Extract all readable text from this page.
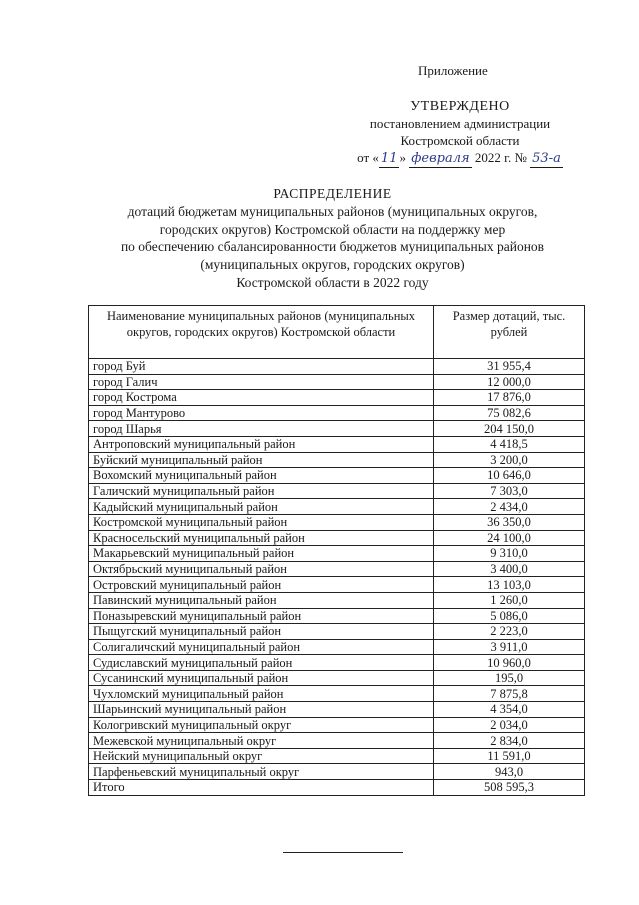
Приложение
УТВЕРЖДЕНО
постановлением администрации
Костромской области
от « 11 » февраля 2022 г. № 53-а
РАСПРЕДЕЛЕНИЕ
дотаций бюджетам муниципальных районов (муниципальных округов,
городских округов) Костромской области на поддержку мер
по обеспечению сбалансированности бюджетов муниципальных районов
(муниципальных округов, городских округов)
Костромской области в 2022 году
Наименование муниципальных районов (муниципальных округов, городских округов) Костромской области	Размер дотаций, тыс. рублей
город Буй	31 955,4
город Галич	12 000,0
город Кострома	17 876,0
город Мантурово	75 082,6
город Шарья	204 150,0
Антроповский муниципальный район	4 418,5
Буйский муниципальный район	3 200,0
Вохомский муниципальный район	10 646,0
Галичский муниципальный район	7 303,0
Кадыйский муниципальный район	2 434,0
Костромской муниципальный район	36 350,0
Красносельский муниципальный район	24 100,0
Макарьевский муниципальный район	9 310,0
Октябрьский муниципальный район	3 400,0
Островский муниципальный район	13 103,0
Павинский муниципальный район	1 260,0
Поназыревский муниципальный район	5 086,0
Пыщугский муниципальный район	2 223,0
Солигаличский муниципальный район	3 911,0
Судиславский муниципальный район	10 960,0
Сусанинский муниципальный район	195,0
Чухломский муниципальный район	7 875,8
Шарьинский муниципальный район	4 354,0
Кологривский муниципальный округ	2 034,0
Межевской муниципальный округ	2 834,0
Нейский муниципальный округ	11 591,0
Парфеньевский муниципальный округ	943,0
Итого	508 595,3
